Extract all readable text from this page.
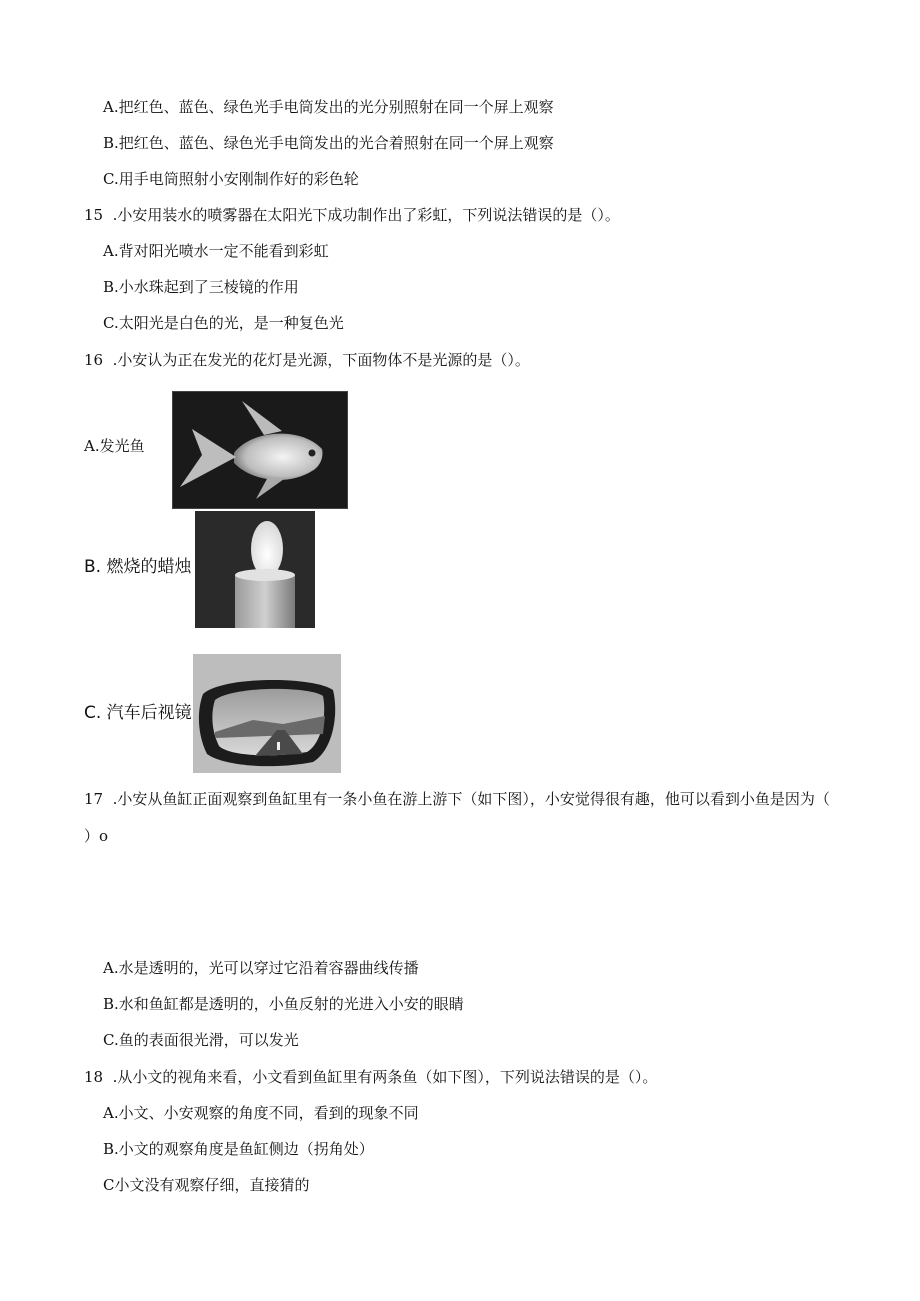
A.把红色、蓝色、绿色光手电筒发出的光分别照射在同一个屏上观察
B.把红色、蓝色、绿色光手电筒发出的光合着照射在同一个屏上观察
C.用手电筒照射小安刚制作好的彩色轮
15  .小安用装水的喷雾器在太阳光下成功制作出了彩虹，下列说法错误的是（）。
A.背对阳光喷水一定不能看到彩虹
B.小水珠起到了三棱镜的作用
C.太阳光是白色的光，是一种复色光
16  .小安认为正在发光的花灯是光源，下面物体不是光源的是（）。
A.发光鱼
B. 燃烧的蜡烛
C. 汽车后视镜
17  .小安从鱼缸正面观察到鱼缸里有一条小鱼在游上游下（如下图），小安觉得很有趣，他可以看到小鱼是因为（
）o
A.水是透明的，光可以穿过它沿着容器曲线传播
B.水和鱼缸都是透明的，小鱼反射的光进入小安的眼睛
C.鱼的表面很光滑，可以发光
18  .从小文的视角来看，小文看到鱼缸里有两条鱼（如下图），下列说法错误的是（）。
A.小文、小安观察的角度不同，看到的现象不同
B.小文的观察角度是鱼缸侧边（拐角处）
C小文没有观察仔细，直接猜的
